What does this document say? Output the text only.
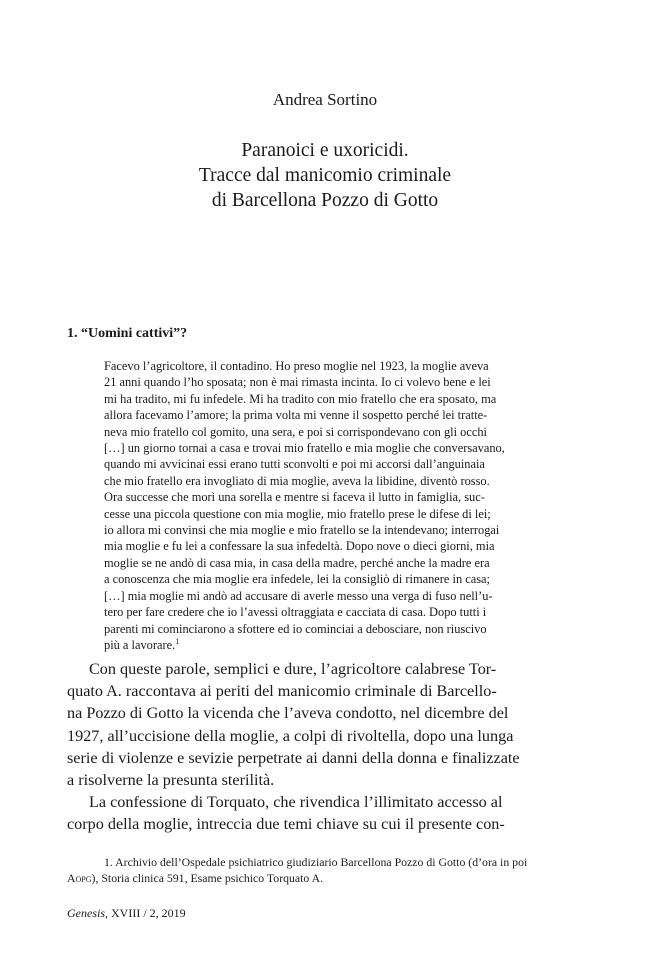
Andrea Sortino
Paranoici e uxoricidi.
Tracce dal manicomio criminale
di Barcellona Pozzo di Gotto
1. “Uomini cattivi”?
Facevo l’agricoltore, il contadino. Ho preso moglie nel 1923, la moglie aveva
21 anni quando l’ho sposata; non è mai rimasta incinta. Io ci volevo bene e lei
mi ha tradito, mi fu infedele. Mi ha tradito con mio fratello che era sposato, ma
allora facevamo l’amore; la prima volta mi venne il sospetto perché lei tratte-
neva mio fratello col gomito, una sera, e poi si corrispondevano con gli occhi
[…] un giorno tornai a casa e trovai mio fratello e mia moglie che conversavano,
quando mi avvicinai essi erano tutti sconvolti e poi mi accorsi dall’anguinaia
che mio fratello era invogliato di mia moglie, aveva la libidine, diventò rosso.
Ora successe che morì una sorella e mentre si faceva il lutto in famiglia, suc-
cesse una piccola questione con mia moglie, mio fratello prese le difese di lei;
io allora mi convinsi che mia moglie e mio fratello se la intendevano; interrogai
mia moglie e fu lei a confessare la sua infedeltà. Dopo nove o dieci giorni, mia
moglie se ne andò di casa mia, in casa della madre, perché anche la madre era
a conoscenza che mia moglie era infedele, lei la consigliò di rimanere in casa;
[…] mia moglie mi andò ad accusare di averle messo una verga di fuso nell’u-
tero per fare credere che io l’avessi oltraggiata e cacciata di casa. Dopo tutti i
parenti mi cominciarono a sfottere ed io cominciai a debosciare, non riuscivo
più a lavorare.$^1$
Con queste parole, semplici e dure, l’agricoltore calabrese Tor-
quato A. raccontava ai periti del manicomio criminale di Barcello-
na Pozzo di Gotto la vicenda che l’aveva condotto, nel dicembre del
1927, all’uccisione della moglie, a colpi di rivoltella, dopo una lunga
serie di violenze e sevizie perpetrate ai danni della donna e finalizzate
a risolverne la presunta sterilità.
La confessione di Torquato, che rivendica l’illimitato accesso al
corpo della moglie, intreccia due temi chiave su cui il presente con-
1. Archivio dell’Ospedale psichiatrico giudiziario Barcellona Pozzo di Gotto (d’ora in poi
Aopg), Storia clinica 591, Esame psichico Torquato A.
Genesis, XVIII / 2, 2019
